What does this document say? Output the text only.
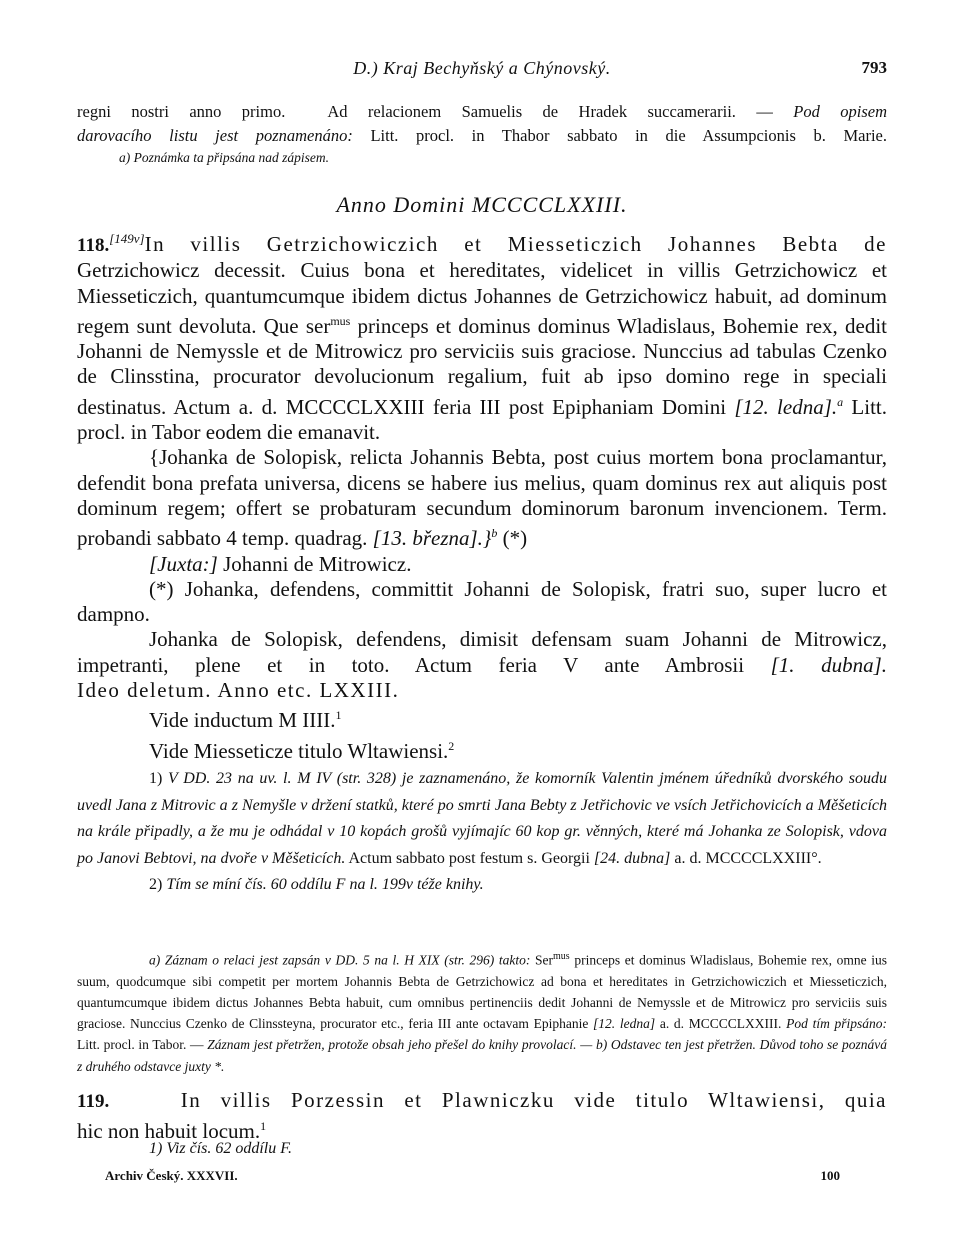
D.) Kraj Bechyňský a Chýnovský.	793
regni nostri anno primo.	Ad relacionem Samuelis de Hradek succamerarii. — Pod opisem
darovacího listu jest poznamenáno: Litt. procl. in Thabor sabbato in die Assumpcionis b. Marie.
a) Poznámka ta připsána nad zápisem.
Anno Domini MCCCCLXXIII.

118.[149v]In villis Getrzichowiczich et Miesseticzich Johannes Bebta de

Getrzichowicz decessit. Cuius bona et hereditates, videlicet in villis Getrzichowicz et Miesseticzich, quantumcumque ibidem dictus Johannes de Getrzichowicz habuit, ad dominum regem sunt devoluta. Que ser$^{mus}$ princeps et dominus dominus Wladislaus, Bohemie rex, dedit Johanni de Nemyssle et de Mitrowicz pro serviciis suis graciose. Nunccius ad tabulas Czenko de Clinsstina, procurator devolucionum regalium, fuit ab ipso domino rege in speciali destinatus. Actum a. d. MCCCCLXXIII feria III post Epiphaniam Domini [12. ledna].$^a$ Litt. procl. in Tabor eodem die emanavit.

{Johanka de Solopisk, relicta Johannis Bebta, post cuius mortem bona proclamantur, defendit bona prefata universa, dicens se habere ius melius, quam dominus rex aut aliquis post dominum regem; offert se probaturam secundum dominorum baronum invencionem. Term. probandi sabbato 4 temp. quadrag. [13. března].}$^b$ (*)

[Juxta:] Johanni de Mitrowicz.

(*) Johanka, defendens, committit Johanni de Solopisk, fratri suo, super lucro et dampno.

Johanka de Solopisk, defendens, dimisit defensam suam Johanni de Mitrowicz, impetranti, plene et in toto. Actum feria V ante Ambrosii [1. dubna].

Ideo deletum. Anno etc. LXXIII.

Vide inductum M IIII.$^1$

Vide Miesseticze titulo Wltawiensi.$^2$

1) V DD. 23 na uv. l. M IV (str. 328) je zaznamenáno, že komorník Valentin jménem úředníků dvorského soudu uvedl Jana z Mitrovic a z Nemyšle v držení statků, které po smrti Jana Bebty z Jetřichovic ve vsích Jetřichovicích a Měšeticích na krále připadly, a že mu je odhádal v 10 kopách grošů vyjímajíc 60 kop gr. věnných, které má Johanka ze Solopisk, vdova po Janovi Bebtovi, na dvoře v Měšeticích. Actum sabbato post festum s. Georgii [24. dubna] a. d. MCCCCLXXIII°.
2) Tím se míní čís. 60 oddílu F na l. 199v téže knihy.
a) Záznam o relaci jest zapsán v DD. 5 na l. H XIX (str. 296) takto: Ser$^{mus}$ princeps et dominus Wladislaus, Bohemie rex, omne ius suum, quodcumque sibi competit per mortem Johannis Bebta de Getrzichowicz ad bona et hereditates in Getrzichowiczich et Miesseticzich, quantumcumque ibidem dictus Johannes Bebta habuit, cum omnibus pertinenciis dedit Johanni de Nemyssle et de Mitrowicz pro serviciis suis graciose. Nunccius Czenko de Clinssteyna, procurator etc., feria III ante octavam Epiphanie [12. ledna] a. d. MCCCCLXXIII. Pod tím připsáno: Litt. procl. in Tabor. — Záznam jest přetržen, protože obsah jeho přešel do knihy provolací. — b) Odstavec ten jest přetržen. Důvod toho se poznává z druhého odstavce juxty *.
119.	In villis Porzessin et Plawniczku vide titulo Wltawiensi, quia
hic non habuit locum.$^1$
1) Viz čís. 62 oddílu F.
Archiv Český. XXXVII.	100
